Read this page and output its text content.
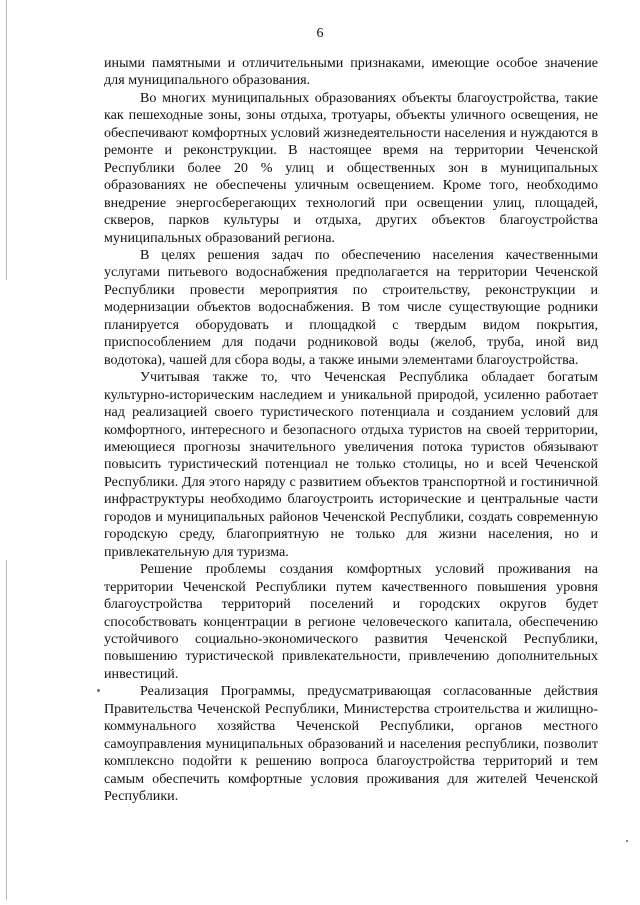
6

иными памятными и отличительными признаками, имеющие особое значение для муниципального образования.

Во многих муниципальных образованиях объекты благоустройства, такие как пешеходные зоны, зоны отдыха, тротуары, объекты уличного освещения, не обеспечивают комфортных условий жизнедеятельности населения и нуждаются в ремонте и реконструкции. В настоящее время на территории Чеченской Республики более 20 % улиц и общественных зон в муниципальных образованиях не обеспечены уличным освещением. Кроме того, необходимо внедрение энергосберегающих технологий при освещении улиц, площадей, скверов, парков культуры и отдыха, других объектов благоустройства муниципальных образований региона.

В целях решения задач по обеспечению населения качественными услугами питьевого водоснабжения предполагается на территории Чеченской Республики провести мероприятия по строительству, реконструкции и модернизации объектов водоснабжения. В том числе существующие родники планируется оборудовать и площадкой с твердым видом покрытия, приспособлением для подачи родниковой воды (желоб, труба, иной вид водотока), чашей для сбора воды, а также иными элементами благоустройства.

Учитывая также то, что Чеченская Республика обладает богатым культурно-историческим наследием и уникальной природой, усиленно работает над реализацией своего туристического потенциала и созданием условий для комфортного, интересного и безопасного отдыха туристов на своей территории, имеющиеся прогнозы значительного увеличения потока туристов обязывают повысить туристический потенциал не только столицы, но и всей Чеченской Республики. Для этого наряду с развитием объектов транспортной и гостиничной инфраструктуры необходимо благоустроить исторические и центральные части городов и муниципальных районов Чеченской Республики, создать современную городскую среду, благоприятную не только для жизни населения, но и привлекательную для туризма.

Решение проблемы создания комфортных условий проживания на территории Чеченской Республики путем качественного повышения уровня благоустройства территорий поселений и городских округов будет способствовать концентрации в регионе человеческого капитала, обеспечению устойчивого социально-экономического развития Чеченской Республики, повышению туристической привлекательности, привлечению дополнительных инвестиций.

Реализация Программы, предусматривающая согласованные действия Правительства Чеченской Республики, Министерства строительства и жилищно-коммунального хозяйства Чеченской Республики, органов местного самоуправления муниципальных образований и населения республики, позволит комплексно подойти к решению вопроса благоустройства территорий и тем самым обеспечить комфортные условия проживания для жителей Чеченской Республики.
